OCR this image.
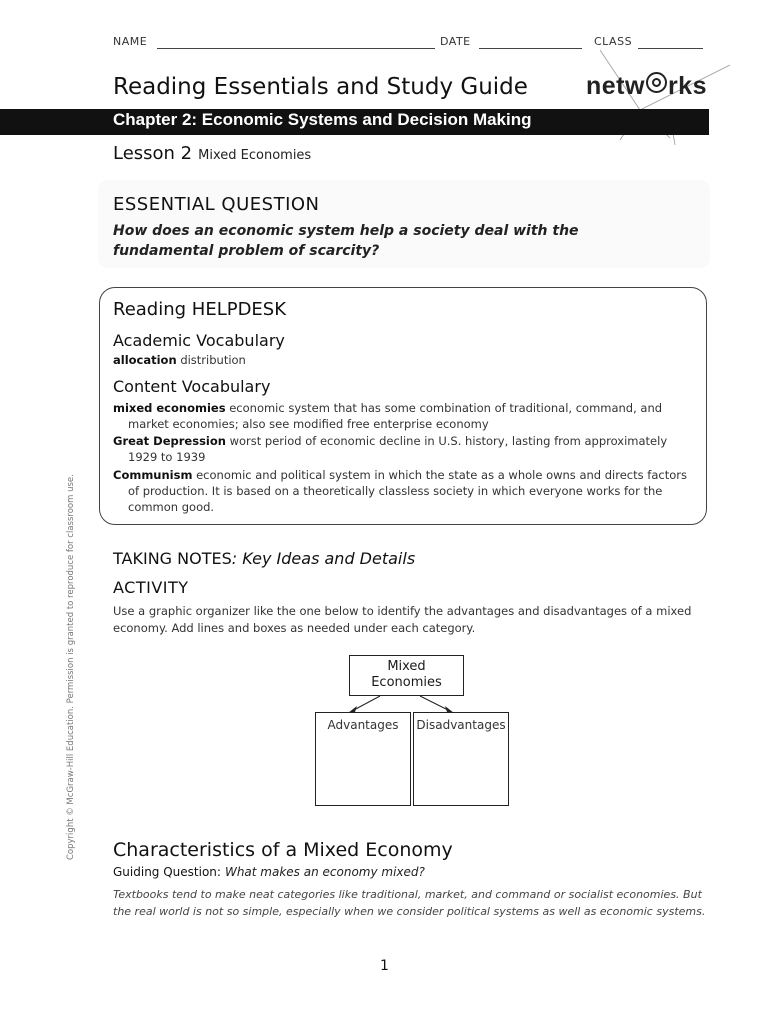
NAME	DATE	CLASS
Reading Essentials and Study Guide netw rks
Chapter 2: Economic Systems and Decision Making
Lesson 2 Mixed Economies
ESSENTIAL QUESTION
How does an economic system help a society deal with the fundamental problem of scarcity?
Reading HELPDESK
Academic Vocabulary
allocation distribution
Content Vocabulary
mixed economies economic system that has some combination of traditional, command, and market economies; also see modified free enterprise economy
Great Depression worst period of economic decline in U.S. history, lasting from approximately 1929 to 1939
Communism economic and political system in which the state as a whole owns and directs factors of production. It is based on a theoretically classless society in which everyone works for the common good.
Copyright © McGraw-Hill Education. Permission is granted to reproduce for classroom use. TAKING NOTES: Key Ideas and Details
ACTIVITY
Use a graphic organizer like the one below to identify the advantages and disadvantages of a mixed economy. Add lines and boxes as needed under each category.
Mixed Economies
Advantages	Disadvantages
Characteristics of a Mixed Economy
Guiding Question: What makes an economy mixed?
Textbooks tend to make neat categories like traditional, market, and command or socialist economies. But the real world is not so simple, especially when we consider political systems as well as economic systems.
1
